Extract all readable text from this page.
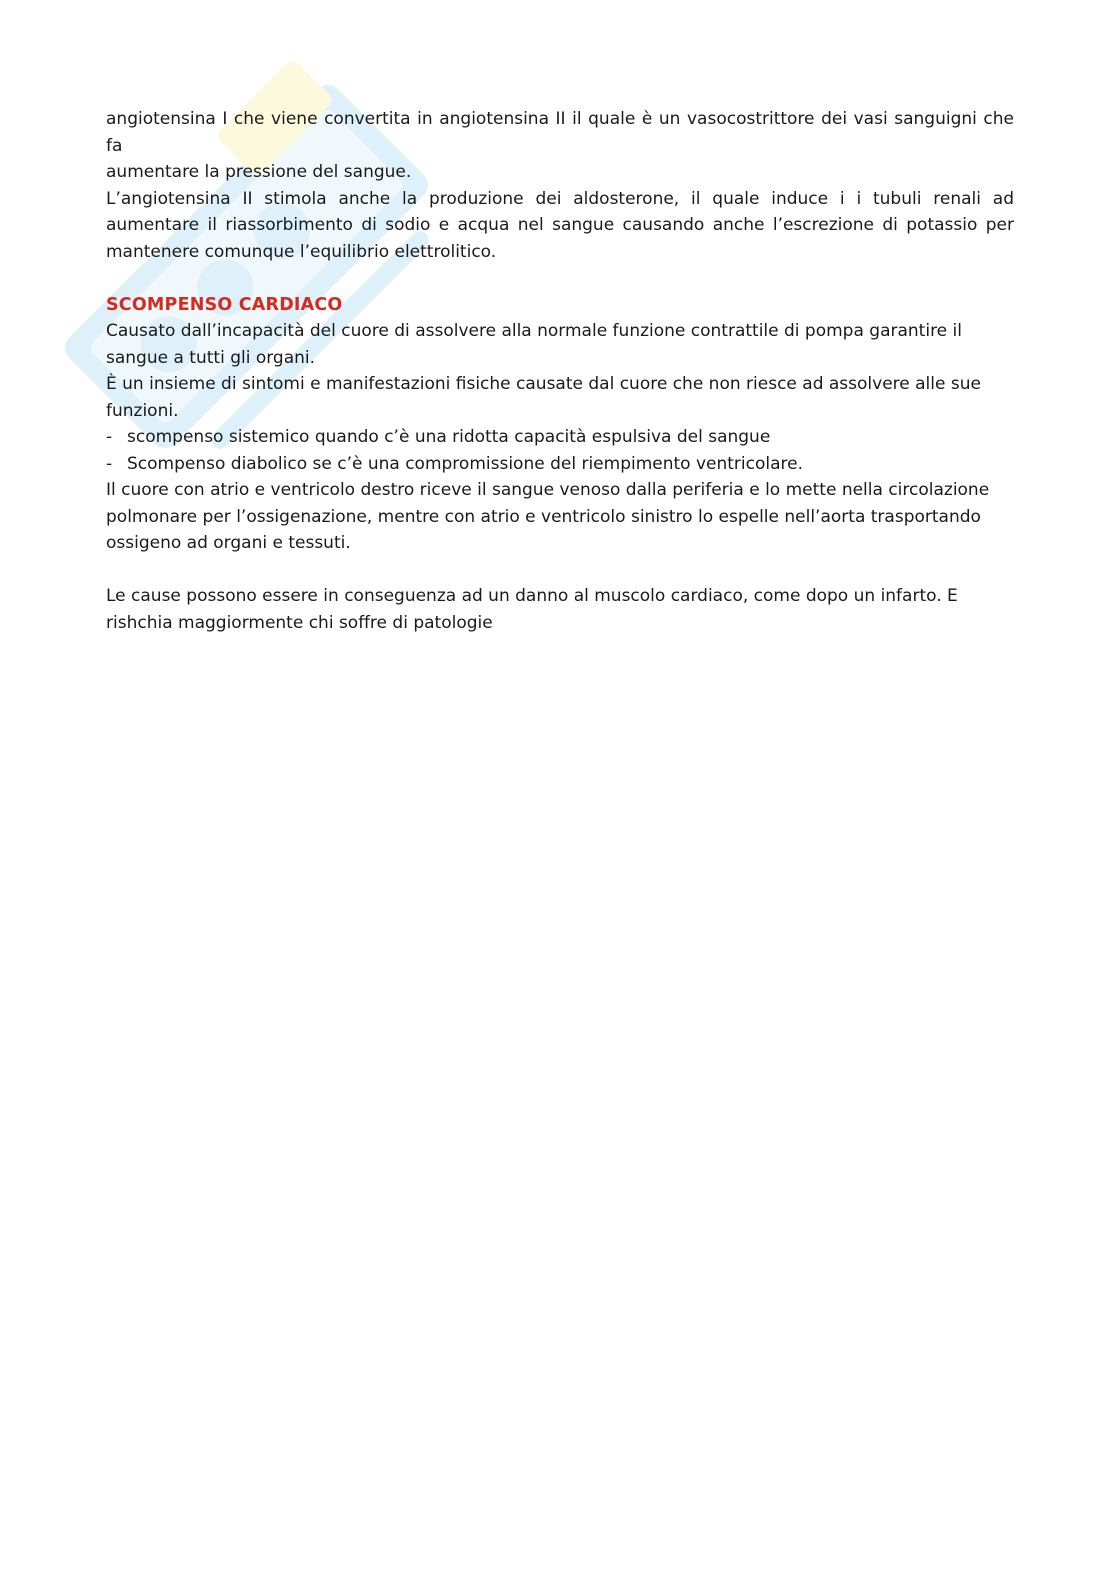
angiotensina I che viene convertita in angiotensina II il quale è un vasocostrittore dei vasi sanguigni che fa
aumentare la pressione del sangue.

L’angiotensina II stimola anche la produzione dei aldosterone, il quale induce i i tubuli renali ad
aumentare il riassorbimento di sodio e acqua nel sangue causando anche l’escrezione di potassio per
mantenere comunque l’equilibrio elettrolitico.

SCOMPENSO CARDIACO

Causato dall’incapacità del cuore di assolvere alla normale funzione contrattile di pompa garantire il
sangue a tutti gli organi.

È un insieme di sintomi e manifestazioni fisiche causate dal cuore che non riesce ad assolvere alle sue
funzioni.

- scompenso sistemico quando c’è una ridotta capacità espulsiva del sangue
- Scompenso diabolico se c’è una compromissione del riempimento ventricolare.

Il cuore con atrio e ventricolo destro riceve il sangue venoso dalla periferia e lo mette nella circolazione
polmonare per l’ossigenazione, mentre con atrio e ventricolo sinistro lo espelle nell’aorta trasportando
ossigeno ad organi e tessuti.

Le cause possono essere in conseguenza ad un danno al muscolo cardiaco, come dopo un infarto. E
rishchia maggiormente chi soffre di patologie
